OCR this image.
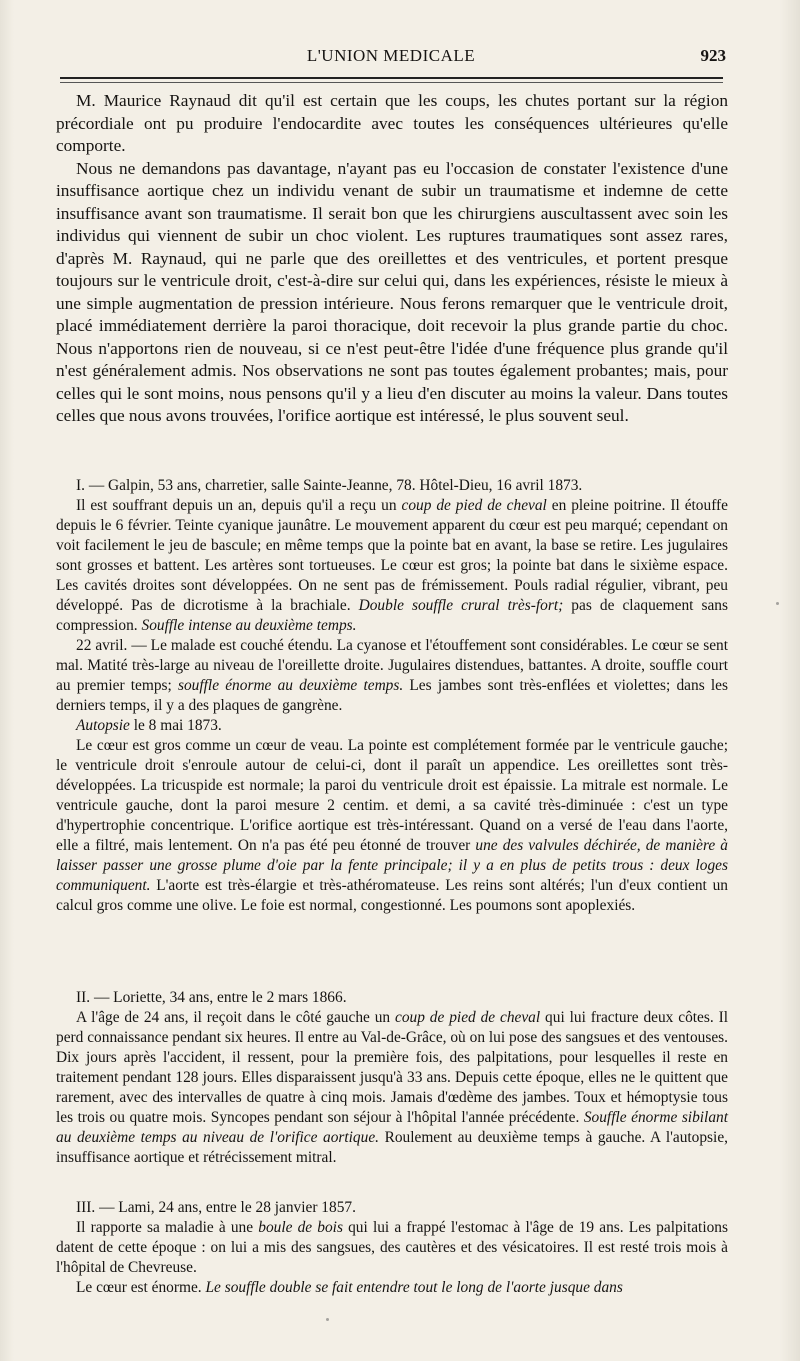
L'UNION MEDICALE	923

M. Maurice Raynaud dit qu'il est certain que les coups, les chutes portant sur la région précordiale ont pu produire l'endocardite avec toutes les conséquences ultérieures qu'elle comporte.

Nous ne demandons pas davantage, n'ayant pas eu l'occasion de constater l'existence d'une insuffisance aortique chez un individu venant de subir un traumatisme et indemne de cette insuffisance avant son traumatisme. Il serait bon que les chirurgiens auscultassent avec soin les individus qui viennent de subir un choc violent. Les ruptures traumatiques sont assez rares, d'après M. Raynaud, qui ne parle que des oreillettes et des ventricules, et portent presque toujours sur le ventricule droit, c'est-à-dire sur celui qui, dans les expériences, résiste le mieux à une simple augmentation de pression intérieure. Nous ferons remarquer que le ventricule droit, placé immédiatement derrière la paroi thoracique, doit recevoir la plus grande partie du choc. Nous n'apportons rien de nouveau, si ce n'est peut-être l'idée d'une fréquence plus grande qu'il n'est généralement admis. Nos observations ne sont pas toutes également probantes; mais, pour celles qui le sont moins, nous pensons qu'il y a lieu d'en discuter au moins la valeur. Dans toutes celles que nous avons trouvées, l'orifice aortique est intéressé, le plus souvent seul.

I. — Galpin, 53 ans, charretier, salle Sainte-Jeanne, 78. Hôtel-Dieu, 16 avril 1873.

Il est souffrant depuis un an, depuis qu'il a reçu un coup de pied de cheval en pleine poitrine. Il étouffe depuis le 6 février. Teinte cyanique jaunâtre. Le mouvement apparent du cœur est peu marqué; cependant on voit facilement le jeu de bascule; en même temps que la pointe bat en avant, la base se retire. Les jugulaires sont grosses et battent. Les artères sont tortueuses. Le cœur est gros; la pointe bat dans le sixième espace. Les cavités droites sont développées. On ne sent pas de frémissement. Pouls radial régulier, vibrant, peu développé. Pas de dicrotisme à la brachiale. Double souffle crural très-fort; pas de claquement sans compression. Souffle intense au deuxième temps.

22 avril. — Le malade est couché étendu. La cyanose et l'étouffement sont considérables. Le cœur se sent mal. Matité très-large au niveau de l'oreillette droite. Jugulaires distendues, battantes. A droite, souffle court au premier temps; souffle énorme au deuxième temps. Les jambes sont très-enflées et violettes; dans les derniers temps, il y a des plaques de gangrène.

Autopsie le 8 mai 1873.

Le cœur est gros comme un cœur de veau. La pointe est complétement formée par le ventricule gauche; le ventricule droit s'enroule autour de celui-ci, dont il paraît un appendice. Les oreillettes sont très-développées. La tricuspide est normale; la paroi du ventricule droit est épaissie. La mitrale est normale. Le ventricule gauche, dont la paroi mesure 2 centim. et demi, a sa cavité très-diminuée : c'est un type d'hypertrophie concentrique. L'orifice aortique est très-intéressant. Quand on a versé de l'eau dans l'aorte, elle a filtré, mais lentement. On n'a pas été peu étonné de trouver une des valvules déchirée, de manière à laisser passer une grosse plume d'oie par la fente principale; il y a en plus de petits trous : deux loges communiquent. L'aorte est très-élargie et très-athéromateuse. Les reins sont altérés; l'un d'eux contient un calcul gros comme une olive. Le foie est normal, congestionné. Les poumons sont apoplexiés.

II. — Loriette, 34 ans, entre le 2 mars 1866.

A l'âge de 24 ans, il reçoit dans le côté gauche un coup de pied de cheval qui lui fracture deux côtes. Il perd connaissance pendant six heures. Il entre au Val-de-Grâce, où on lui pose des sangsues et des ventouses. Dix jours après l'accident, il ressent, pour la première fois, des palpitations, pour lesquelles il reste en traitement pendant 128 jours. Elles disparaissent jusqu'à 33 ans. Depuis cette époque, elles ne le quittent que rarement, avec des intervalles de quatre à cinq mois. Jamais d'œdème des jambes. Toux et hémoptysie tous les trois ou quatre mois. Syncopes pendant son séjour à l'hôpital l'année précédente. Souffle énorme sibilant au deuxième temps au niveau de l'orifice aortique. Roulement au deuxième temps à gauche. A l'autopsie, insuffisance aortique et rétrécissement mitral.

III. — Lami, 24 ans, entre le 28 janvier 1857.

Il rapporte sa maladie à une boule de bois qui lui a frappé l'estomac à l'âge de 19 ans. Les palpitations datent de cette époque : on lui a mis des sangsues, des cautères et des vésicatoires. Il est resté trois mois à l'hôpital de Chevreuse.

Le cœur est énorme. Le souffle double se fait entendre tout le long de l'aorte jusque dans
